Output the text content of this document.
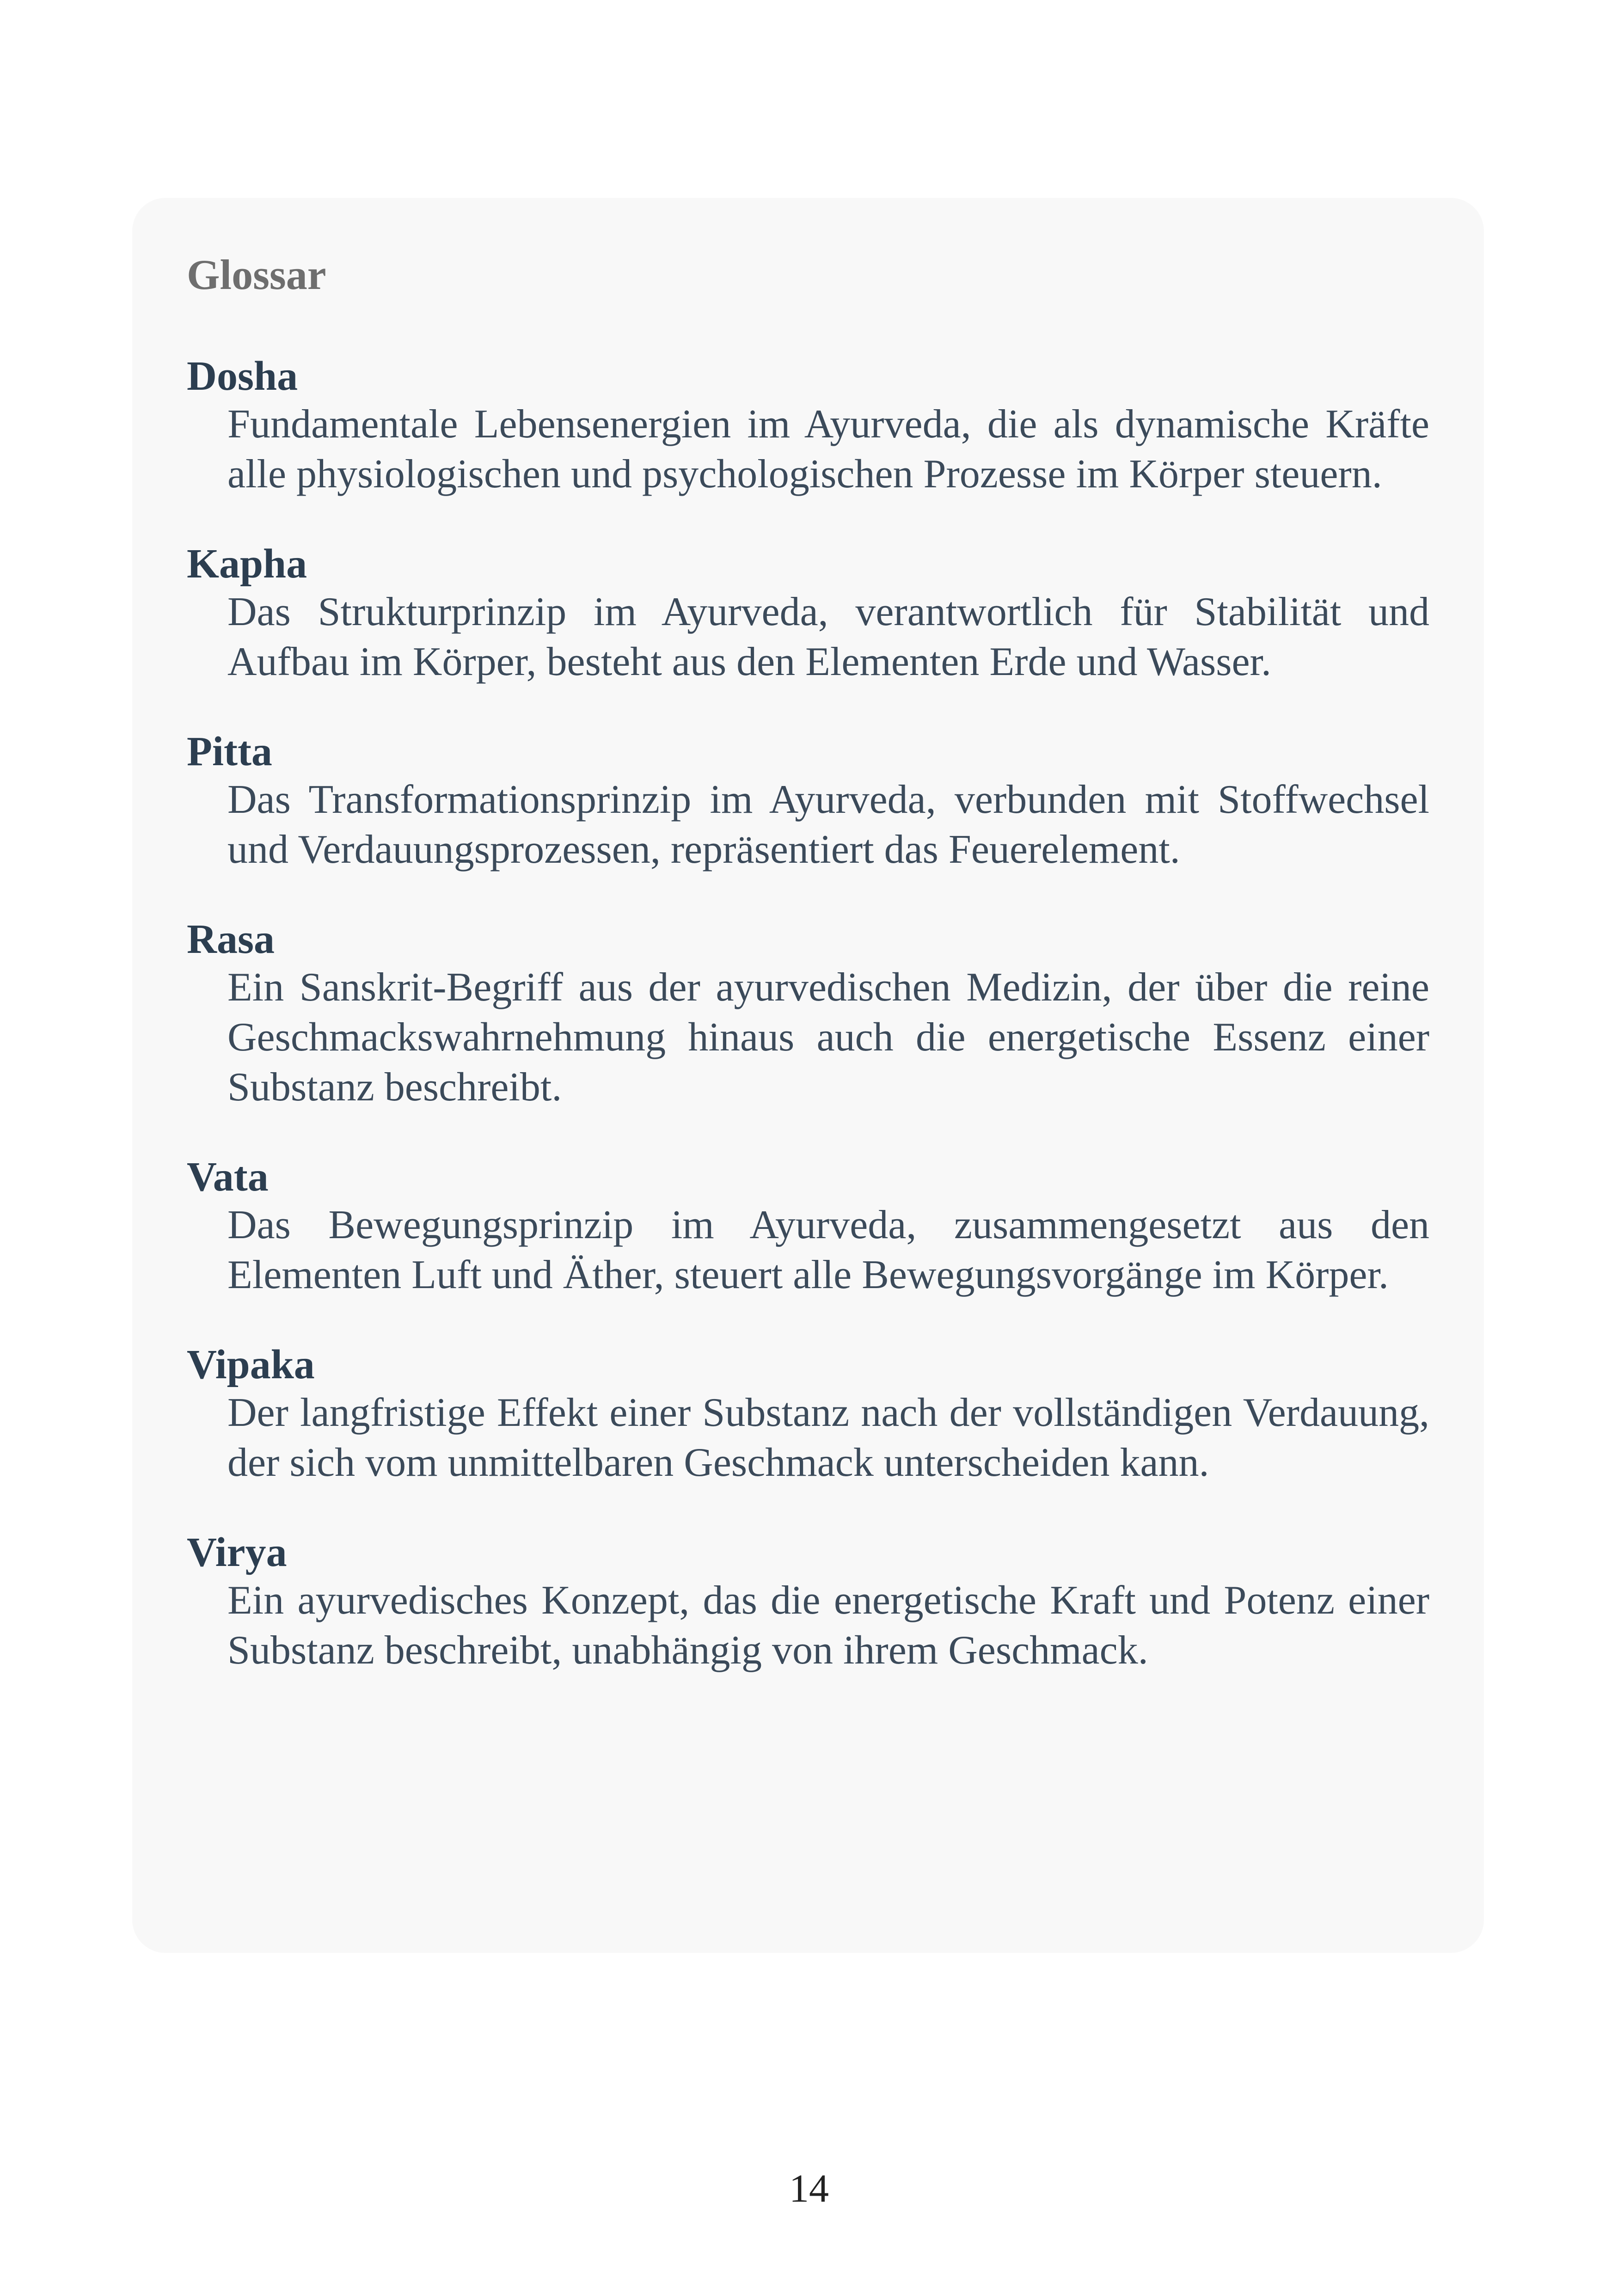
Glossar

Dosha

Fundamentale Lebensenergien im Ayurveda, die als dynamische Kräfte alle physiologischen und psychologischen Prozesse im Körper steuern.

Kapha

Das Strukturprinzip im Ayurveda, verantwortlich für Stabilität und Aufbau im Körper, besteht aus den Elementen Erde und Wasser.

Pitta

Das Transformationsprinzip im Ayurveda, verbunden mit Stoffwechsel und Verdauungsprozessen, repräsentiert das Feuerelement.

Rasa

Ein Sanskrit-Begriff aus der ayurvedischen Medizin, der über die reine Geschmackswahrnehmung hinaus auch die energetische Essenz einer Substanz beschreibt.

Vata

Das Bewegungsprinzip im Ayurveda, zusammengesetzt aus den Elementen Luft und Äther, steuert alle Bewegungsvorgänge im Körper.

Vipaka

Der langfristige Effekt einer Substanz nach der vollständigen Verdauung, der sich vom unmittelbaren Geschmack unterscheiden kann.

Virya

Ein ayurvedisches Konzept, das die energetische Kraft und Potenz einer Substanz beschreibt, unabhängig von ihrem Geschmack.

14
